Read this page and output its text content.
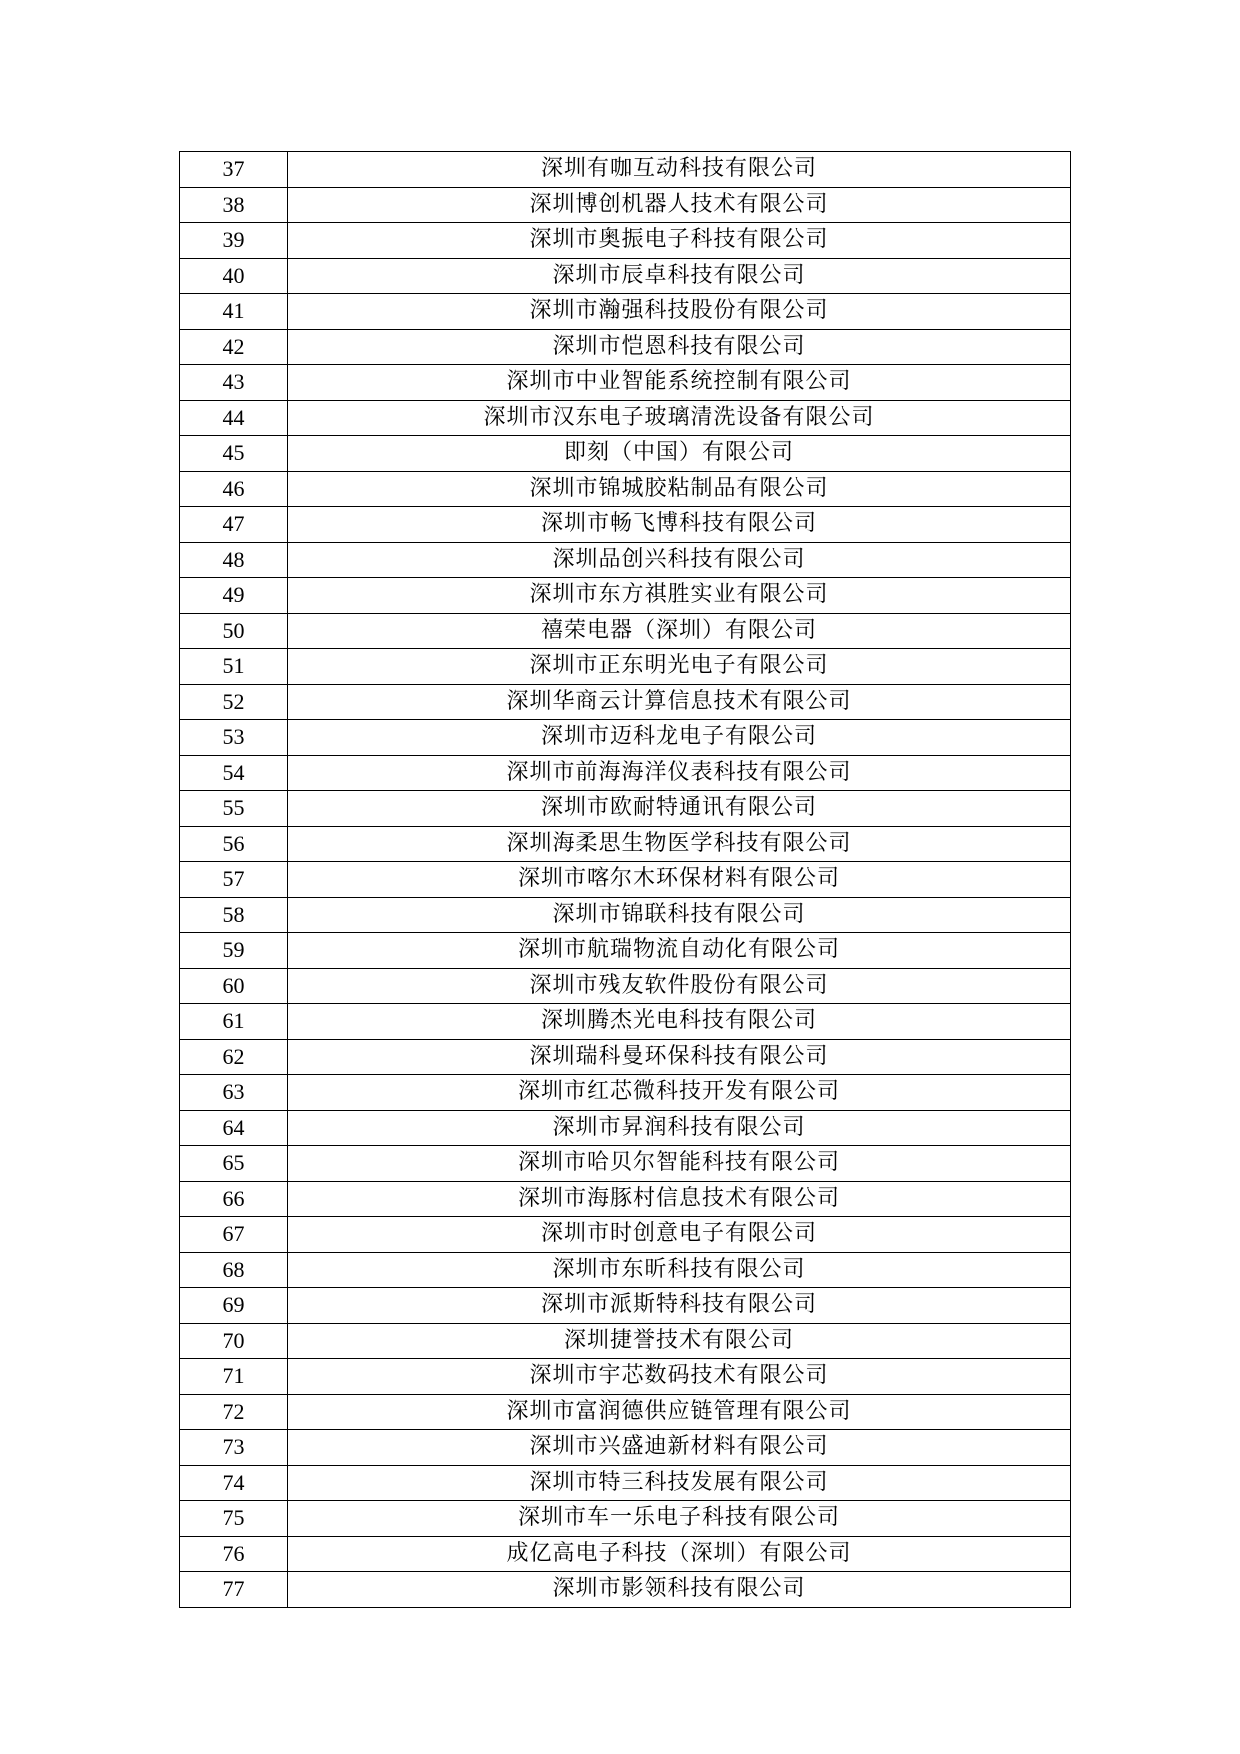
37	深圳有咖互动科技有限公司
38	深圳博创机器人技术有限公司
39	深圳市奥振电子科技有限公司
40	深圳市辰卓科技有限公司
41	深圳市瀚强科技股份有限公司
42	深圳市恺恩科技有限公司
43	深圳市中业智能系统控制有限公司
44	深圳市汉东电子玻璃清洗设备有限公司
45	即刻（中国）有限公司
46	深圳市锦城胶粘制品有限公司
47	深圳市畅飞博科技有限公司
48	深圳品创兴科技有限公司
49	深圳市东方祺胜实业有限公司
50	禧荣电器（深圳）有限公司
51	深圳市正东明光电子有限公司
52	深圳华商云计算信息技术有限公司
53	深圳市迈科龙电子有限公司
54	深圳市前海海洋仪表科技有限公司
55	深圳市欧耐特通讯有限公司
56	深圳海柔思生物医学科技有限公司
57	深圳市喀尔木环保材料有限公司
58	深圳市锦联科技有限公司
59	深圳市航瑞物流自动化有限公司
60	深圳市残友软件股份有限公司
61	深圳腾杰光电科技有限公司
62	深圳瑞科曼环保科技有限公司
63	深圳市红芯微科技开发有限公司
64	深圳市昇润科技有限公司
65	深圳市哈贝尔智能科技有限公司
66	深圳市海豚村信息技术有限公司
67	深圳市时创意电子有限公司
68	深圳市东昕科技有限公司
69	深圳市派斯特科技有限公司
70	深圳捷誉技术有限公司
71	深圳市宇芯数码技术有限公司
72	深圳市富润德供应链管理有限公司
73	深圳市兴盛迪新材料有限公司
74	深圳市特三科技发展有限公司
75	深圳市车一乐电子科技有限公司
76	成亿高电子科技（深圳）有限公司
77	深圳市影领科技有限公司
